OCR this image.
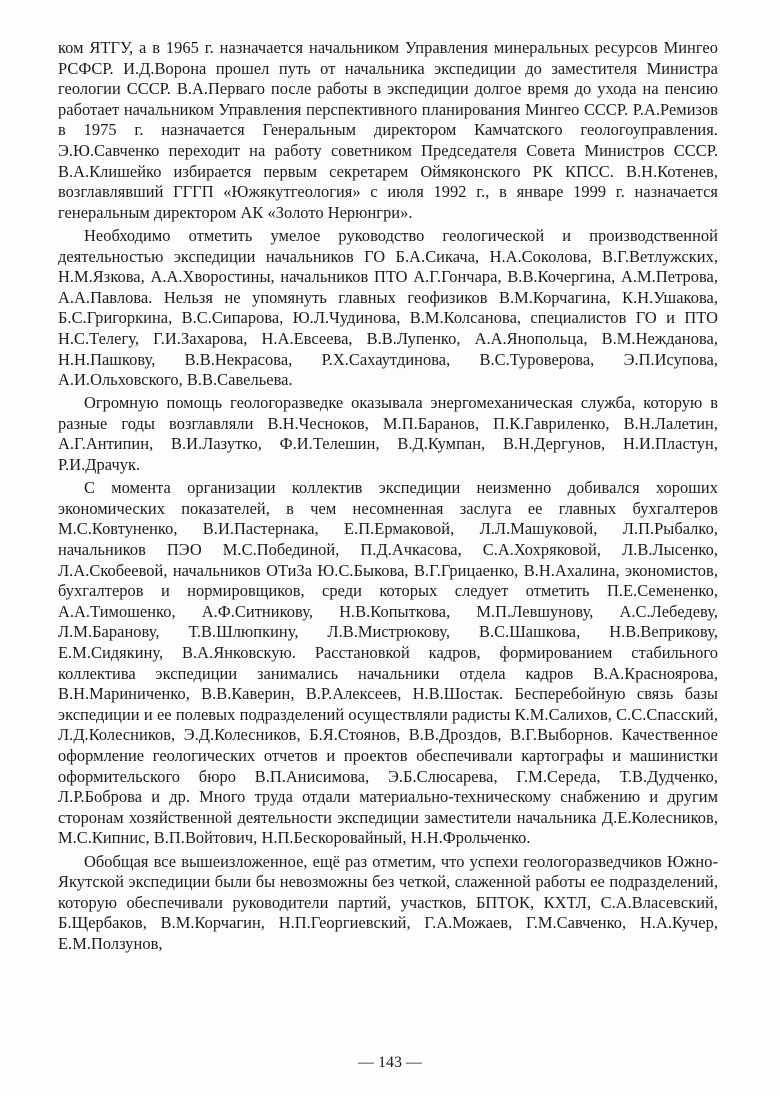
ком ЯТГУ, а в 1965 г. назначается начальником Управления минеральных ресурсов Мингео РСФСР. И.Д.Ворона прошел путь от начальника экспедиции до заместителя Министра геологии СССР. В.А.Перваго после работы в экспедиции долгое время до ухода на пенсию работает начальником Управления перспективного планирования Мингео СССР. Р.А.Ремизов в 1975 г. назначается Генеральным директором Камчатского геологоуправления. Э.Ю.Савченко переходит на работу советником Председателя Совета Министров СССР. В.А.Клишейко избирается первым секретарем Оймяконского РК КПСС. В.Н.Котенев, возглавлявший ГГГП «Южякутгеология» с июля 1992 г., в январе 1999 г. назначается генеральным директором АК «Золото Нерюнгри».

Необходимо отметить умелое руководство геологической и производственной деятельностью экспедиции начальников ГО Б.А.Сикача, Н.А.Соколова, В.Г.Ветлужских, Н.М.Язкова, А.А.Хворостины, начальников ПТО А.Г.Гончара, В.В.Кочергина, А.М.Петрова, А.А.Павлова. Нельзя не упомянуть главных геофизиков В.М.Корчагина, К.Н.Ушакова, Б.С.Григоркина, В.С.Сипарова, Ю.Л.Чудинова, В.М.Колсанова, специалистов ГО и ПТО Н.С.Телегу, Г.И.Захарова, Н.А.Евсеева, В.В.Лупенко, А.А.Янопольца, В.М.Нежданова, Н.Н.Пашкову, В.В.Некрасова, Р.Х.Сахаутдинова, В.С.Туроверова, Э.П.Исупова, А.И.Ольховского, В.В.Савельева.

Огромную помощь геологоразведке оказывала энергомеханическая служба, которую в разные годы возглавляли В.Н.Чесноков, М.П.Баранов, П.К.Гавриленко, В.Н.Лалетин, А.Г.Антипин, В.И.Лазутко, Ф.И.Телешин, В.Д.Кумпан, В.Н.Дергунов, Н.И.Пластун, Р.И.Драчук.

С момента организации коллектив экспедиции неизменно добивался хороших экономических показателей, в чем несомненная заслуга ее главных бухгалтеров М.С.Ковтуненко, В.И.Пастернака, Е.П.Ермаковой, Л.Л.Машуковой, Л.П.Рыбалко, начальников ПЭО М.С.Побединой, П.Д.Ачкасова, С.А.Хохряковой, Л.В.Лысенко, Л.А.Скобеевой, начальников ОТиЗа Ю.С.Быкова, В.Г.Грицаенко, В.Н.Ахалина, экономистов, бухгалтеров и нормировщиков, среди которых следует отметить П.Е.Семененко, А.А.Тимошенко, А.Ф.Ситникову, Н.В.Копыткова, М.П.Левшунову, А.С.Лебедеву, Л.М.Баранову, Т.В.Шлюпкину, Л.В.Мистрюкову, В.С.Шашкова, Н.В.Веприкову, Е.М.Сидякину, В.А.Янковскую. Расстановкой кадров, формированием стабильного коллектива экспедиции занимались начальники отдела кадров В.А.Красноярова, В.Н.Мариниченко, В.В.Каверин, В.Р.Алексеев, Н.В.Шостак. Бесперебойную связь базы экспедиции и ее полевых подразделений осуществляли радисты К.М.Салихов, С.С.Спасский, Л.Д.Колесников, Э.Д.Колесников, Б.Я.Стоянов, В.В.Дроздов, В.Г.Выборнов. Качественное оформление геологических отчетов и проектов обеспечивали картографы и машинистки оформительского бюро В.П.Анисимова, Э.Б.Слюсарева, Г.М.Середа, Т.В.Дудченко, Л.Р.Боброва и др. Много труда отдали материально-техническому снабжению и другим сторонам хозяйственной деятельности экспедиции заместители начальника Д.Е.Колесников, М.С.Кипнис, В.П.Войтович, Н.П.Бескоровайный, Н.Н.Фрольченко.

Обобщая все вышеизложенное, ещё раз отметим, что успехи геологоразведчиков Южно-Якутской экспедиции были бы невозможны без четкой, слаженной работы ее подразделений, которую обеспечивали руководители партий, участков, БПТОК, КХТЛ, С.А.Власевский, Б.Щербаков, В.М.Корчагин, Н.П.Георгиевский, Г.А.Можаев, Г.М.Савченко, Н.А.Кучер, Е.М.Ползунов,

— 143 —
